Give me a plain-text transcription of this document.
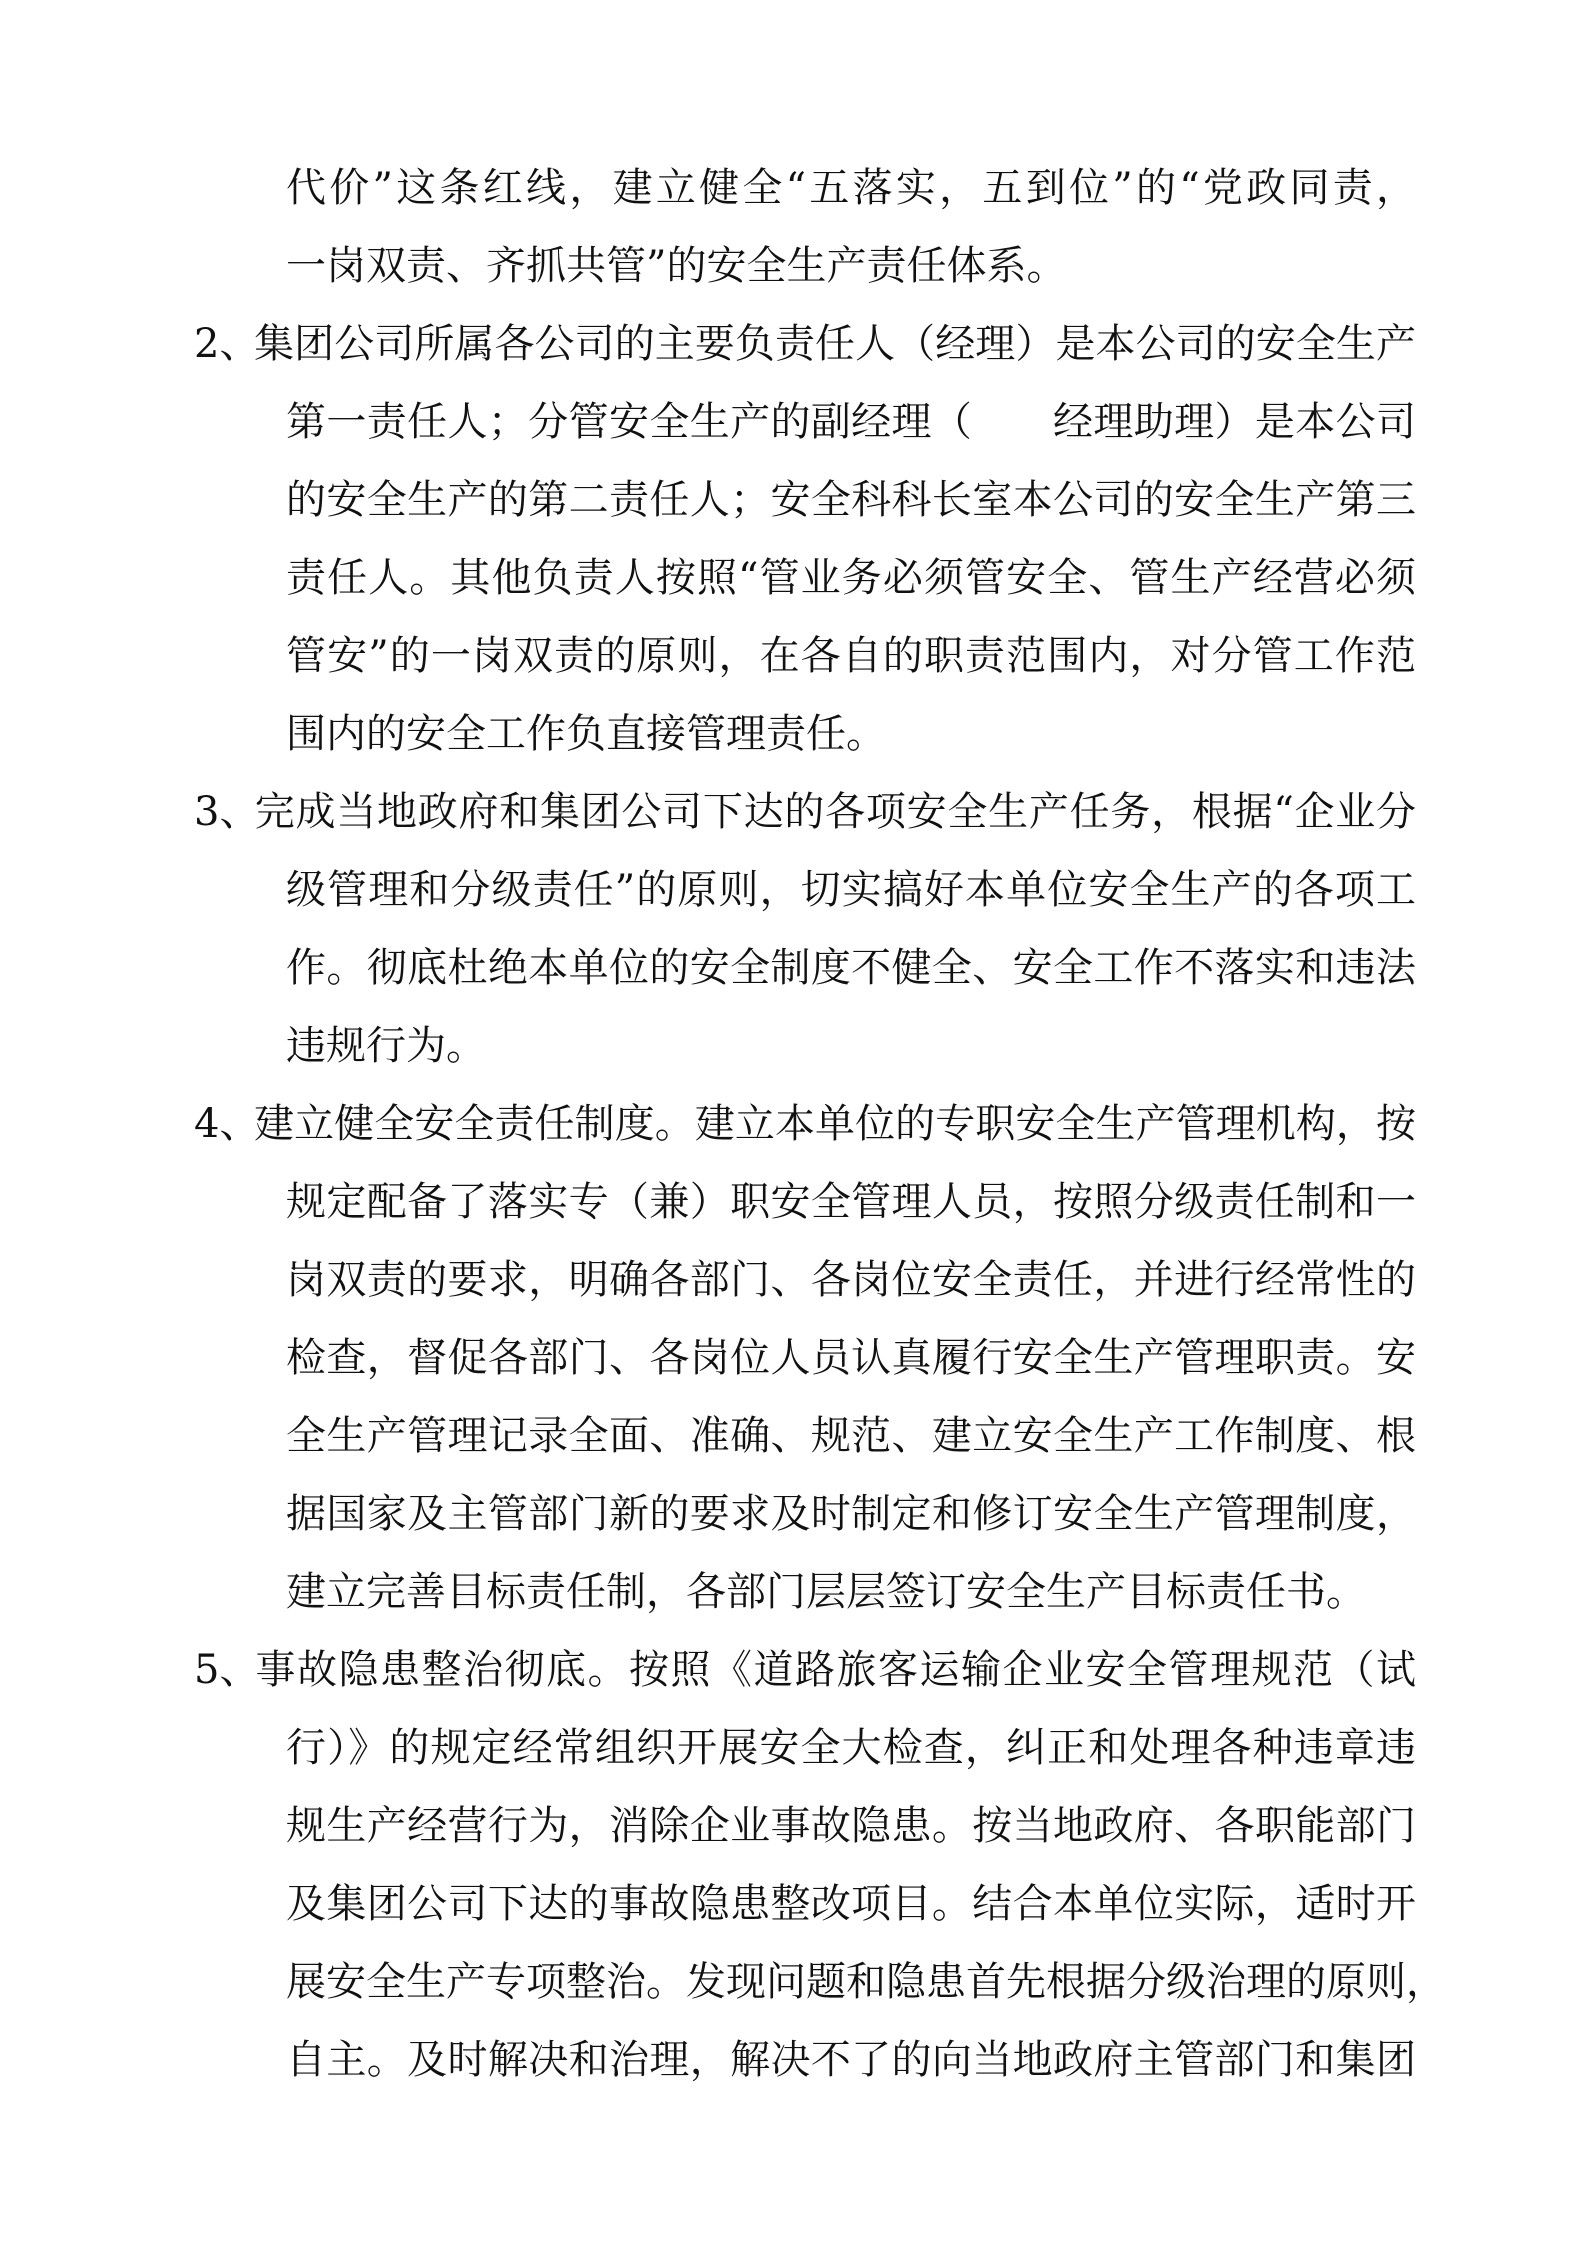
代价”这条红线，建立健全“五落实，五到位”的“党政同责，
一岗双责、齐抓共管”的安全生产责任体系。
2、集团公司所属各公司的主要负责任人（经理）是本公司的安全生产
第一责任人；分管安全生产的副经理（　　经理助理）是本公司
的安全生产的第二责任人；安全科科长室本公司的安全生产第三
责任人。其他负责人按照“管业务必须管安全、管生产经营必须
管安”的一岗双责的原则，在各自的职责范围内，对分管工作范
围内的安全工作负直接管理责任。
3、完成当地政府和集团公司下达的各项安全生产任务，根据“企业分
级管理和分级责任”的原则，切实搞好本单位安全生产的各项工
作。彻底杜绝本单位的安全制度不健全、安全工作不落实和违法
违规行为。
4、建立健全安全责任制度。建立本单位的专职安全生产管理机构，按
规定配备了落实专（兼）职安全管理人员，按照分级责任制和一
岗双责的要求，明确各部门、各岗位安全责任，并进行经常性的
检查，督促各部门、各岗位人员认真履行安全生产管理职责。安
全生产管理记录全面、准确、规范、建立安全生产工作制度、根
据国家及主管部门新的要求及时制定和修订安全生产管理制度，
建立完善目标责任制，各部门层层签订安全生产目标责任书。
5、事故隐患整治彻底。按照《道路旅客运输企业安全管理规范（试
行）》的规定经常组织开展安全大检查，纠正和处理各种违章违
规生产经营行为，消除企业事故隐患。按当地政府、各职能部门
及集团公司下达的事故隐患整改项目。结合本单位实际，适时开
展安全生产专项整治。发现问题和隐患首先根据分级治理的原则，
自主。及时解决和治理，解决不了的向当地政府主管部门和集团
